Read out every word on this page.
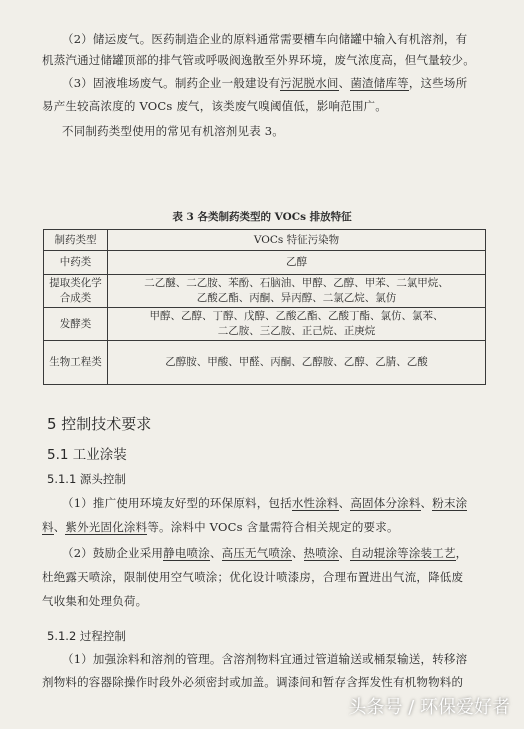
（2）储运废气。医药制造企业的原料通常需要槽车向储罐中输入有机溶剂，有
机蒸汽通过储罐顶部的排气管或呼吸阀逸散至外界环境，废气浓度高，但气量较少。
（3）固液堆场废气。制药企业一般建设有污泥脱水间、菌渣储库等，这些场所
易产生较高浓度的 VOCs 废气，该类废气嗅阈值低，影响范围广。
不同制药类型使用的常见有机溶剂见表 3。
表 3 各类制药类型的 VOCs 排放特征
制药类型	VOCs 特征污染物
中药类	乙醇
提取类化学合成类	二乙醚、二乙胺、苯酚、石脑油、甲醇、乙醇、甲苯、二氯甲烷、
乙酸乙酯、丙酮、异丙醇、二氯乙烷、氯仿

发酵类	甲醇、乙醇、丁醇、戊醇、乙酸乙酯、乙酸丁酯、氯仿、氯苯、
二乙胺、三乙胺、正己烷、正庚烷

生物工程类	乙醇胺、甲酸、甲醛、丙酮、乙醇胺、乙醇、乙腈、乙酸
5 控制技术要求
5.1 工业涂装
5.1.1 源头控制
（1）推广使用环境友好型的环保原料，包括水性涂料、高固体分涂料、粉末涂
料、紫外光固化涂料等。涂料中 VOCs 含量需符合相关规定的要求。
（2）鼓励企业采用静电喷涂、高压无气喷涂、热喷涂、自动辊涂等涂装工艺，
杜绝露天喷涂，限制使用空气喷涂；优化设计喷漆房，合理布置进出气流，降低废
气收集和处理负荷。
5.1.2 过程控制
（1）加强涂料和溶剂的管理。含溶剂物料宜通过管道输送或桶泵输送，转移溶
剂物料的容器除操作时段外必须密封或加盖。调漆间和暂存含挥发性有机物物料的
头条号 / 环保爱好者
